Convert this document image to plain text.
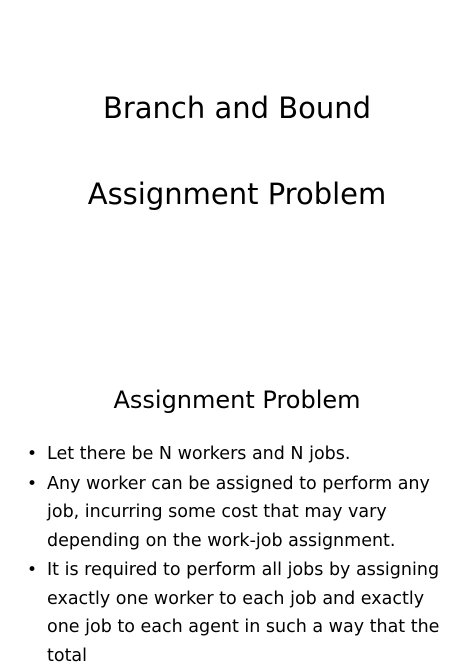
Branch and Bound
Assignment Problem
Assignment Problem
• Let there be N workers and N jobs.
• Any worker can be assigned to perform any job, incurring some cost that may vary depending on the work-job assignment.
• It is required to perform all jobs by assigning exactly one worker to each job and exactly one job to each agent in such a way that the total
